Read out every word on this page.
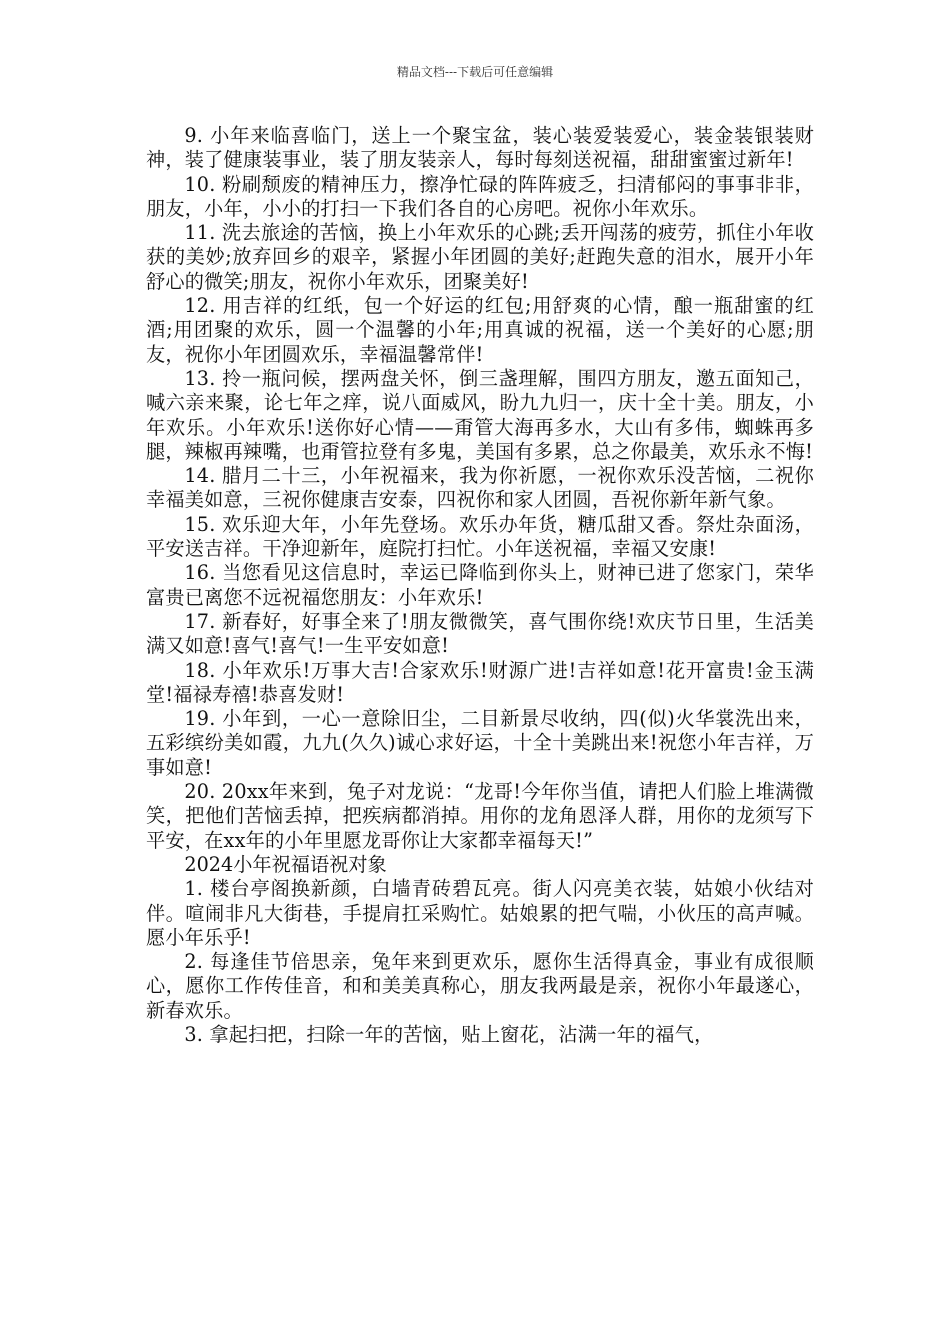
精品文档---下载后可任意编辑

9. 小年来临喜临门，送上一个聚宝盆，装心装爱装爱心，装金装银装财神，装了健康装事业，装了朋友装亲人，每时每刻送祝福，甜甜蜜蜜过新年!

10. 粉刷颓废的精神压力，擦净忙碌的阵阵疲乏，扫清郁闷的事事非非，朋友，小年，小小的打扫一下我们各自的心房吧。祝你小年欢乐。

11. 洗去旅途的苦恼，换上小年欢乐的心跳;丢开闯荡的疲劳，抓住小年收获的美妙;放弃回乡的艰辛，紧握小年团圆的美好;赶跑失意的泪水，展开小年舒心的微笑;朋友，祝你小年欢乐，团聚美好!

12. 用吉祥的红纸，包一个好运的红包;用舒爽的心情，酿一瓶甜蜜的红酒;用团聚的欢乐，圆一个温馨的小年;用真诚的祝福，送一个美好的心愿;朋友，祝你小年团圆欢乐，幸福温馨常伴!

13. 拎一瓶问候，摆两盘关怀，倒三盏理解，围四方朋友，邀五面知己，喊六亲来聚，论七年之痒，说八面威风，盼九九归一，庆十全十美。朋友，小年欢乐。小年欢乐!送你好心情——甭管大海再多水，大山有多伟，蜘蛛再多腿，辣椒再辣嘴，也甭管拉登有多鬼，美国有多累，总之你最美，欢乐永不悔!

14. 腊月二十三，小年祝福来，我为你祈愿，一祝你欢乐没苦恼，二祝你幸福美如意，三祝你健康吉安泰，四祝你和家人团圆，吾祝你新年新气象。

15. 欢乐迎大年，小年先登场。欢乐办年货，糖瓜甜又香。祭灶杂面汤，平安送吉祥。干净迎新年，庭院打扫忙。小年送祝福，幸福又安康!

16. 当您看见这信息时，幸运已降临到你头上，财神已进了您家门，荣华富贵已离您不远祝福您朋友：小年欢乐!

17. 新春好，好事全来了!朋友微微笑，喜气围你绕!欢庆节日里，生活美满又如意!喜气!喜气!一生平安如意!

18. 小年欢乐!万事大吉!合家欢乐!财源广进!吉祥如意!花开富贵!金玉满堂!福禄寿禧!恭喜发财!

19. 小年到，一心一意除旧尘，二目新景尽收纳，四(似)火华裳洗出来，五彩缤纷美如霞，九九(久久)诚心求好运，十全十美跳出来!祝您小年吉祥，万事如意!

20. 20xx年来到，兔子对龙说：“龙哥!今年你当值，请把人们脸上堆满微笑，把他们苦恼丢掉，把疾病都消掉。用你的龙角恩泽人群，用你的龙须写下平安，在xx年的小年里愿龙哥你让大家都幸福每天!”

2024小年祝福语祝对象

1. 楼台亭阁换新颜，白墙青砖碧瓦亮。街人闪亮美衣装，姑娘小伙结对伴。喧闹非凡大街巷，手提肩扛采购忙。姑娘累的把气喘，小伙压的高声喊。愿小年乐乎!

2. 每逢佳节倍思亲，兔年来到更欢乐，愿你生活得真金，事业有成很顺心，愿你工作传佳音，和和美美真称心，朋友我两最是亲，祝你小年最遂心，新春欢乐。

3. 拿起扫把，扫除一年的苦恼，贴上窗花，沾满一年的福气，
